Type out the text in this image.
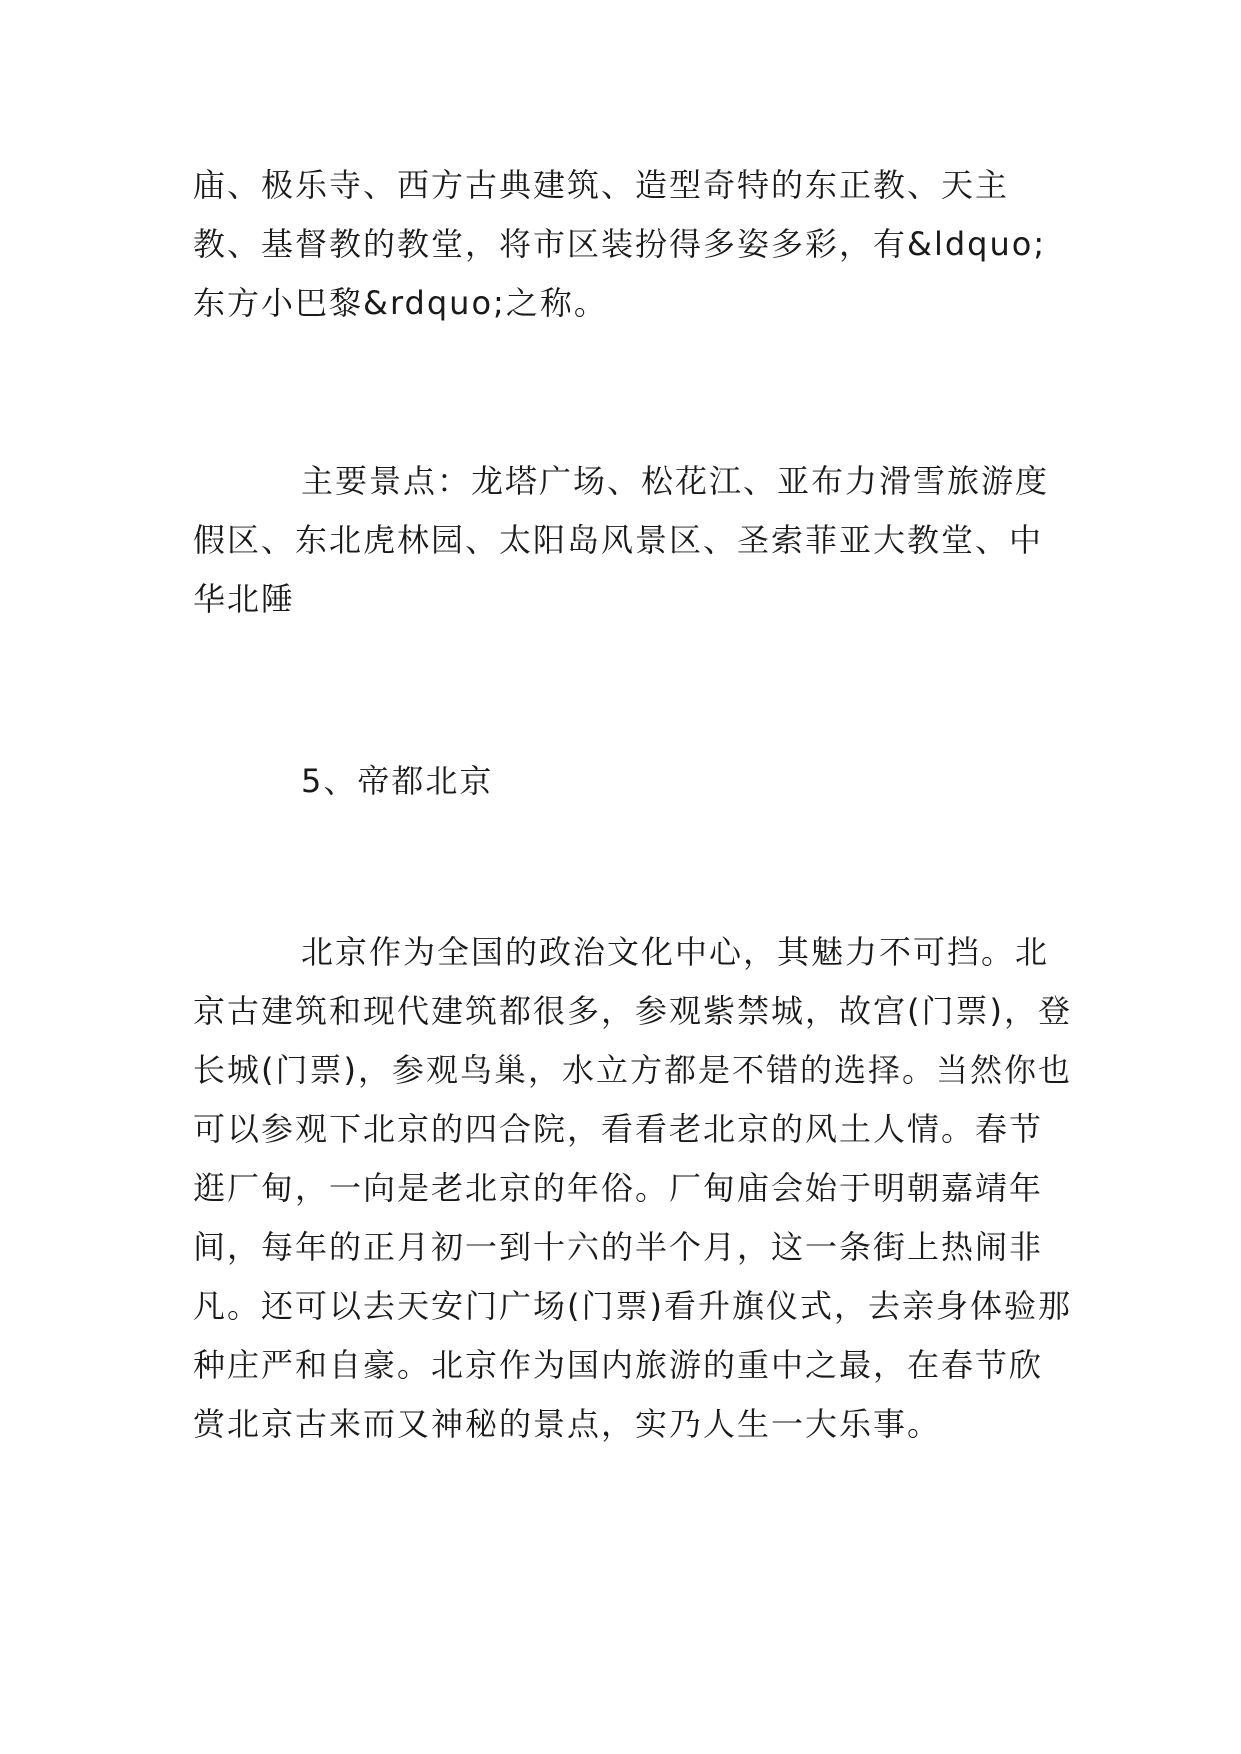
庙、极乐寺、西方古典建筑、造型奇特的东正教、天主教、基督教的教堂，将市区装扮得多姿多彩，有&ldquo;东方小巴黎&rdquo;之称。

主要景点：龙塔广场、松花江、亚布力滑雪旅游度假区、东北虎林园、太阳岛风景区、圣索菲亚大教堂、中华北陲

5、帝都北京

北京作为全国的政治文化中心，其魅力不可挡。北京古建筑和现代建筑都很多，参观紫禁城，故宫(门票)，登长城(门票)，参观鸟巢，水立方都是不错的选择。当然你也可以参观下北京的四合院，看看老北京的风土人情。春节逛厂甸，一向是老北京的年俗。厂甸庙会始于明朝嘉靖年间，每年的正月初一到十六的半个月，这一条街上热闹非凡。还可以去天安门广场(门票)看升旗仪式，去亲身体验那种庄严和自豪。北京作为国内旅游的重中之最，在春节欣赏北京古来而又神秘的景点，实乃人生一大乐事。
